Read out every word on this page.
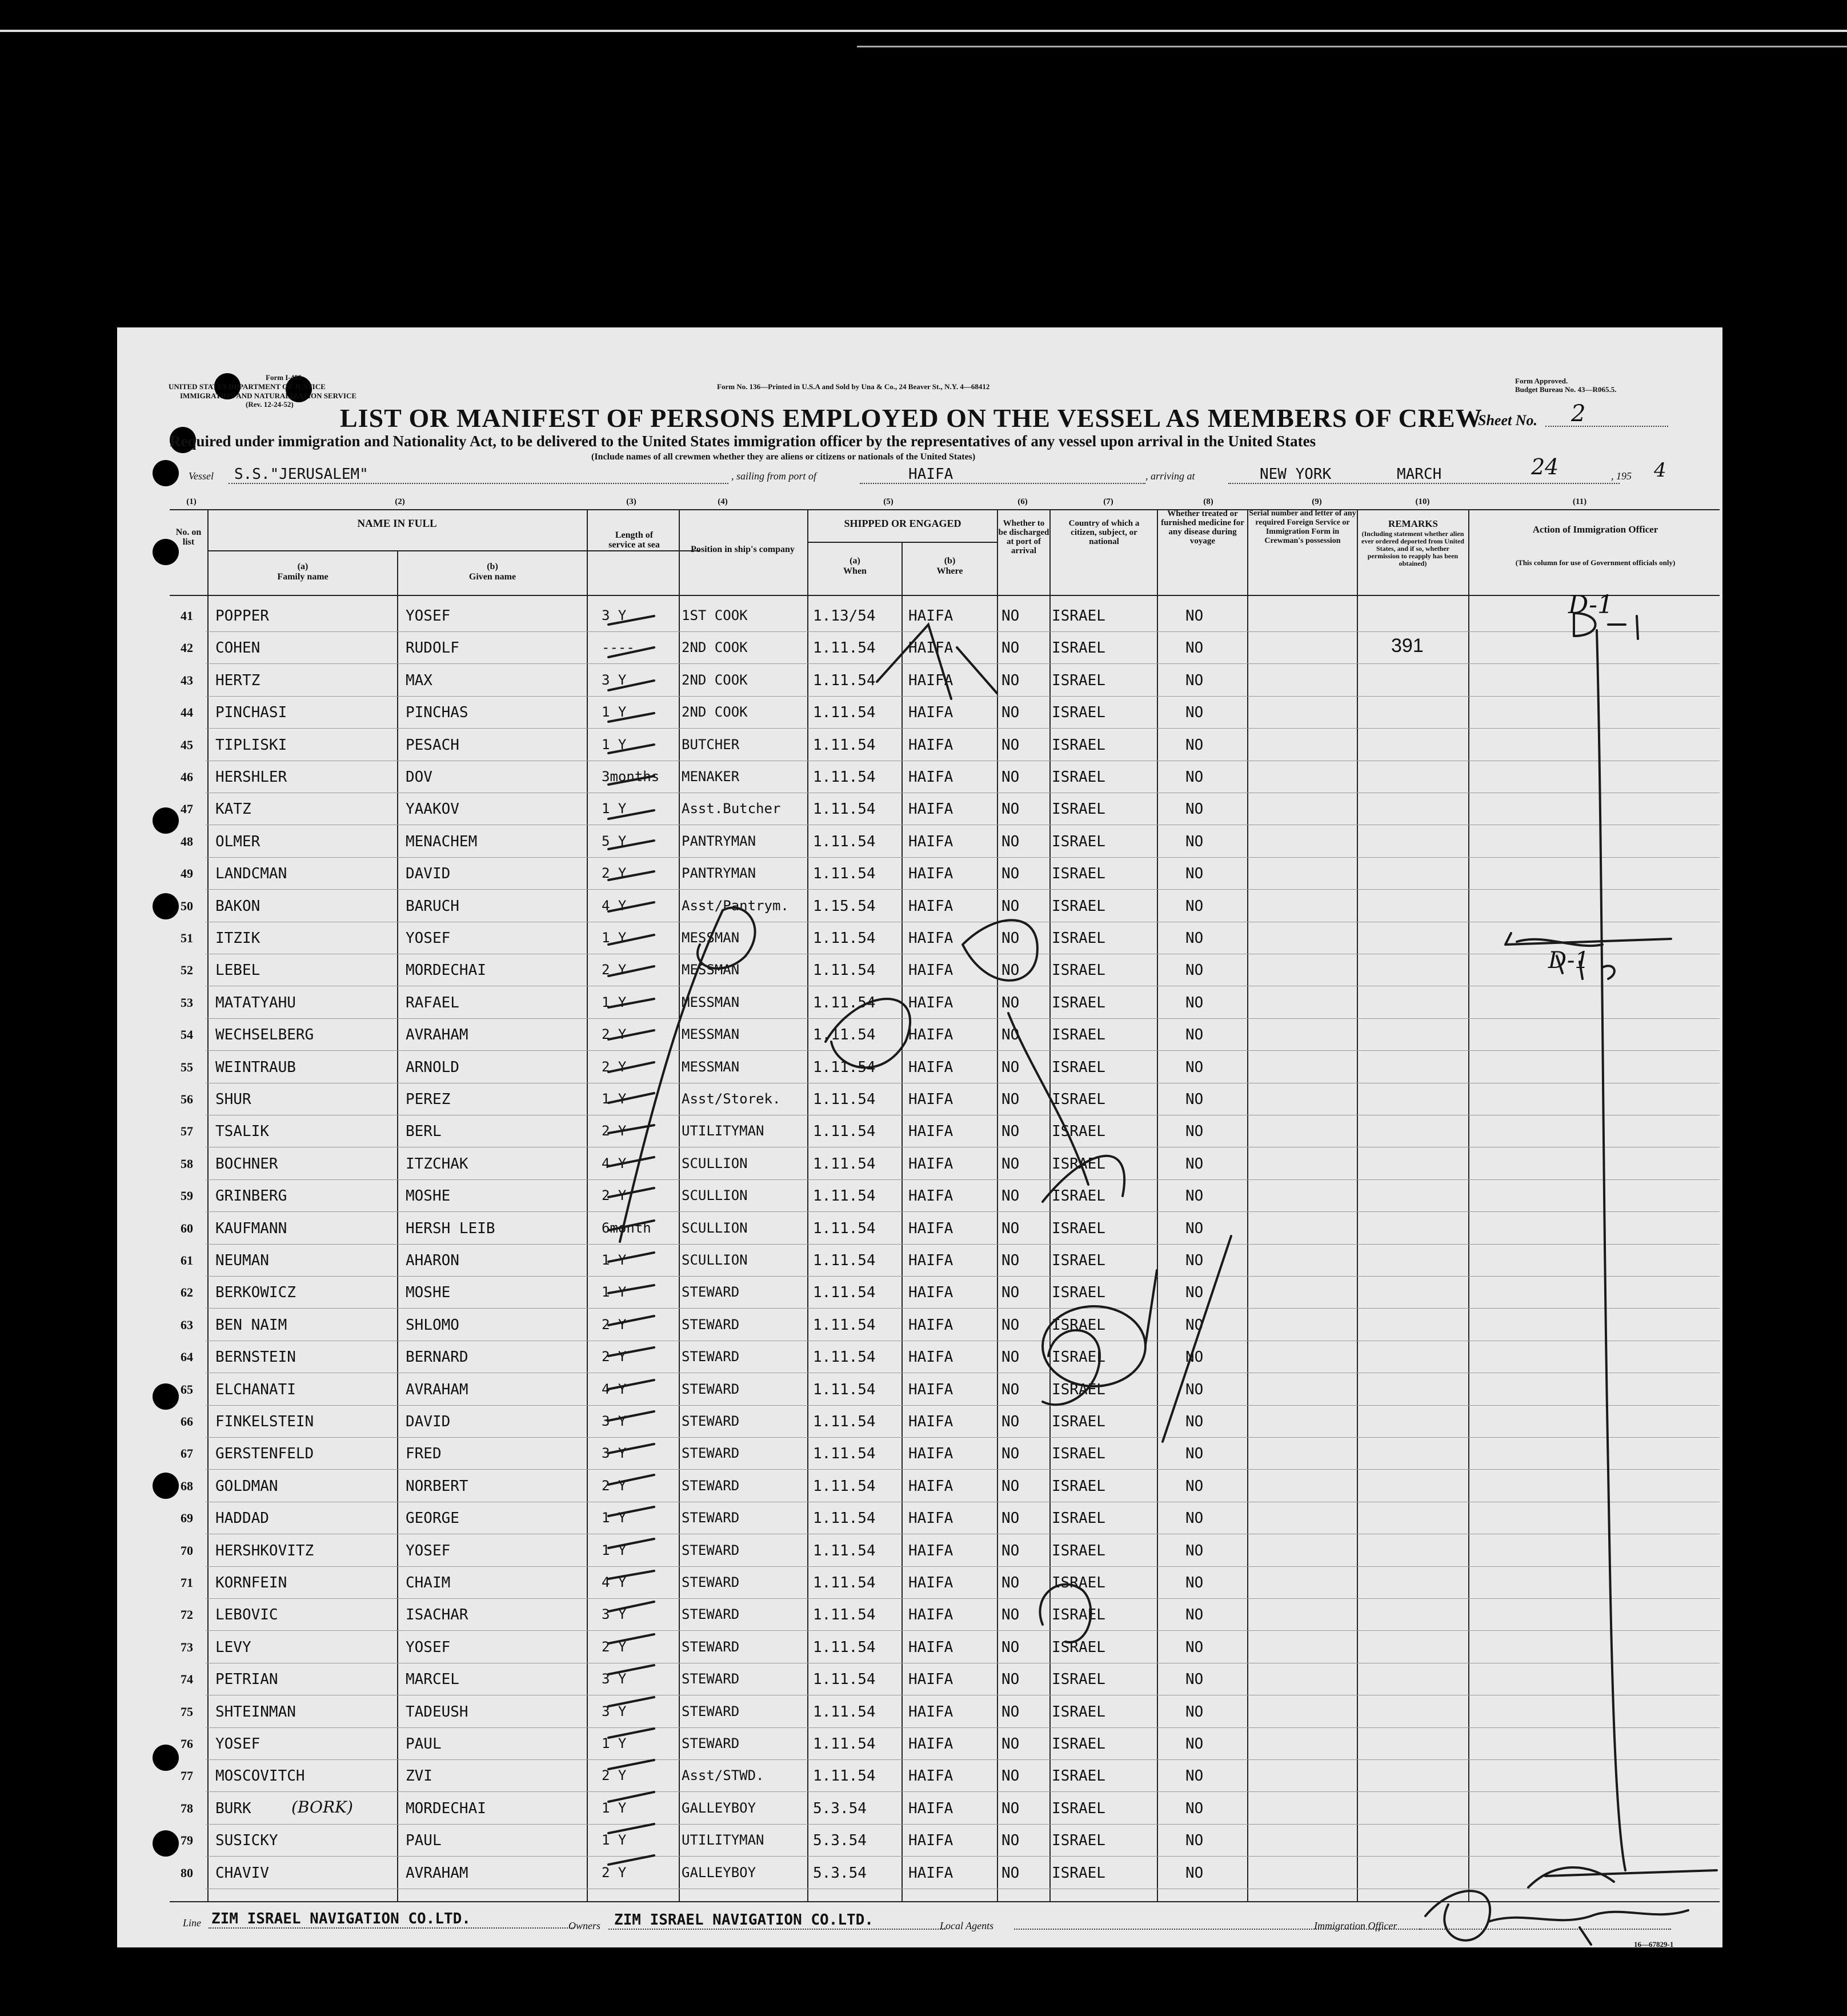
UNITED STATES DEPARTMENT OF JUSTICE
Form I-489
IMMIGRATION AND NATURALIZATION SERVICE
(Rev. 12-24-52)
Form No. 136—Printed in U.S.A and Sold by Una & Co., 24 Beaver St., N.Y. 4—68412
Form Approved.
Budget Bureau No. 43—R065.5.
LIST OR MANIFEST OF PERSONS EMPLOYED ON THE VESSEL AS MEMBERS OF CREW
Sheet No. 2
Required under immigration and Nationality Act, to be delivered to the United States immigration officer by the representatives of any vessel upon arrival in the United States
(Include names of all crewmen whether they are aliens or citizens or nationals of the United States)
Vessel S.S."JERUSALEM"	, sailing from port of	HAIFA	, arriving at	NEW YORK	MARCH	24	, 195 4
(1)	(2)	(3)	(4)	(5)	(6)	(7)	(8)	(9)	(10)	(11)
No. on list
NAME IN FULL
(a)
Family name
(b)
Given name
Length of service at sea	Position in ship's company
SHIPPED OR ENGAGED
(a)
When
(b)
Where
Whether to be discharged at port of arrival
Country of which a citizen, subject, or national
Whether treated or furnished medicine for any disease during voyage
Serial number and letter of any required Foreign Service or Immigration Form in Crewman's possession
REMARKS
(Including statement whether alien ever ordered deported from United States, and if so, whether permission to reapply has been obtained)
Action of Immigration Officer
(This column for use of Government officials only)
41	POPPER	YOSEF	3 Y	1ST COOK	1.13/54 HAIFA	NO ISRAEL	NO
42	COHEN	RUDOLF	----	2ND COOK	1.11.54 HAIFA	NO ISRAEL	NO	391
43	HERTZ	MAX	3 Y	2ND COOK	1.11.54 HAIFA	NO ISRAEL	NO
44	PINCHASI	PINCHAS	1 Y	2ND COOK	1.11.54 HAIFA	NO ISRAEL	NO
45	TIPLISKI	PESACH	1 Y	BUTCHER	1.11.54 HAIFA	NO ISRAEL	NO
46	HERSHLER	DOV	3months MENAKER	1.11.54 HAIFA	NO ISRAEL	NO
47	KATZ	YAAKOV	1 Y	Asst.Butcher 1.11.54 HAIFA	NO ISRAEL	NO
48	OLMER	MENACHEM	5 Y	PANTRYMAN	1.11.54 HAIFA	NO ISRAEL	NO
49	LANDCMAN	DAVID	2 Y	PANTRYMAN	1.11.54 HAIFA	NO ISRAEL	NO
50	BAKON	BARUCH	4 Y	Asst/Pantrym. 1.15.54 HAIFA	NO ISRAEL	NO
51	ITZIK	YOSEF	1 Y	MESSMAN	1.11.54 HAIFA	NO ISRAEL	NO
52	LEBEL	MORDECHAI	2 Y	MESSMAN	1.11.54 HAIFA	NO ISRAEL	NO
53	MATATYAHU	RAFAEL	1 Y	MESSMAN	1.11.54 HAIFA	NO ISRAEL	NO
54	WECHSELBERG	AVRAHAM	2 Y	MESSMAN	1.11.54 HAIFA	NO ISRAEL	NO
55	WEINTRAUB	ARNOLD	2 Y	MESSMAN	1.11.54 HAIFA	NO ISRAEL	NO
56	SHUR	PEREZ	1 Y	Asst/Storek. 1.11.54 HAIFA	NO ISRAEL	NO
57	TSALIK	BERL	2 Y	UTILITYMAN	1.11.54 HAIFA	NO ISRAEL	NO
58	BOCHNER	ITZCHAK	4 Y	SCULLION	1.11.54 HAIFA	NO ISRAEL	NO
59	GRINBERG	MOSHE	2 Y	SCULLION	1.11.54 HAIFA	NO ISRAEL	NO
60	KAUFMANN	HERSH LEIB	6month SCULLION	1.11.54 HAIFA	NO ISRAEL	NO
61	NEUMAN	AHARON	1 Y	SCULLION	1.11.54 HAIFA	NO ISRAEL	NO
62	BERKOWICZ	MOSHE	1 Y	STEWARD	1.11.54 HAIFA	NO ISRAEL	NO
63	BEN NAIM	SHLOMO	2 Y	STEWARD	1.11.54 HAIFA	NO ISRAEL	NO
64	BERNSTEIN	BERNARD	2 Y	STEWARD	1.11.54 HAIFA	NO ISRAEL	NO
65	ELCHANATI	AVRAHAM	4 Y	STEWARD	1.11.54 HAIFA	NO ISRAEL	NO
66	FINKELSTEIN	DAVID	3 Y	STEWARD	1.11.54 HAIFA	NO ISRAEL	NO
67	GERSTENFELD	FRED	3 Y	STEWARD	1.11.54 HAIFA	NO ISRAEL	NO
68	GOLDMAN	NORBERT	2 Y	STEWARD	1.11.54 HAIFA	NO ISRAEL	NO
69	HADDAD	GEORGE	1 Y	STEWARD	1.11.54 HAIFA	NO ISRAEL	NO
70	HERSHKOVITZ	YOSEF	1 Y	STEWARD	1.11.54 HAIFA	NO ISRAEL	NO
71	KORNFEIN	CHAIM	4 Y	STEWARD	1.11.54 HAIFA	NO ISRAEL	NO
72	LEBOVIC	ISACHAR	3 Y	STEWARD	1.11.54 HAIFA	NO ISRAEL	NO
73	LEVY	YOSEF	2 Y	STEWARD	1.11.54 HAIFA	NO ISRAEL	NO
74	PETRIAN	MARCEL	3 Y	STEWARD	1.11.54 HAIFA	NO ISRAEL	NO
75	SHTEINMAN	TADEUSH	3 Y	STEWARD	1.11.54 HAIFA	NO ISRAEL	NO
76	YOSEF	PAUL	1 Y	STEWARD	1.11.54 HAIFA	NO ISRAEL	NO
77	MOSCOVITCH	ZVI	2 Y	Asst/STWD.	1.11.54 HAIFA	NO ISRAEL	NO
78	BURK	MORDECHAI	1 Y	GALLEYBOY	5.3.54	HAIFA	NO ISRAEL	NO
(BORK)
79	SUSICKY	PAUL	1 Y	UTILITYMAN	5.3.54	HAIFA	NO ISRAEL	NO
80	CHAVIV	AVRAHAM	2 Y	GALLEYBOY	5.3.54	HAIFA	NO ISRAEL	NO
D-1
D-1
Line ZIM ISRAEL NAVIGATION CO.LTD.	Owners ZIM ISRAEL NAVIGATION CO.LTD.	Local Agents	Immigration Officer
16—67829-1
